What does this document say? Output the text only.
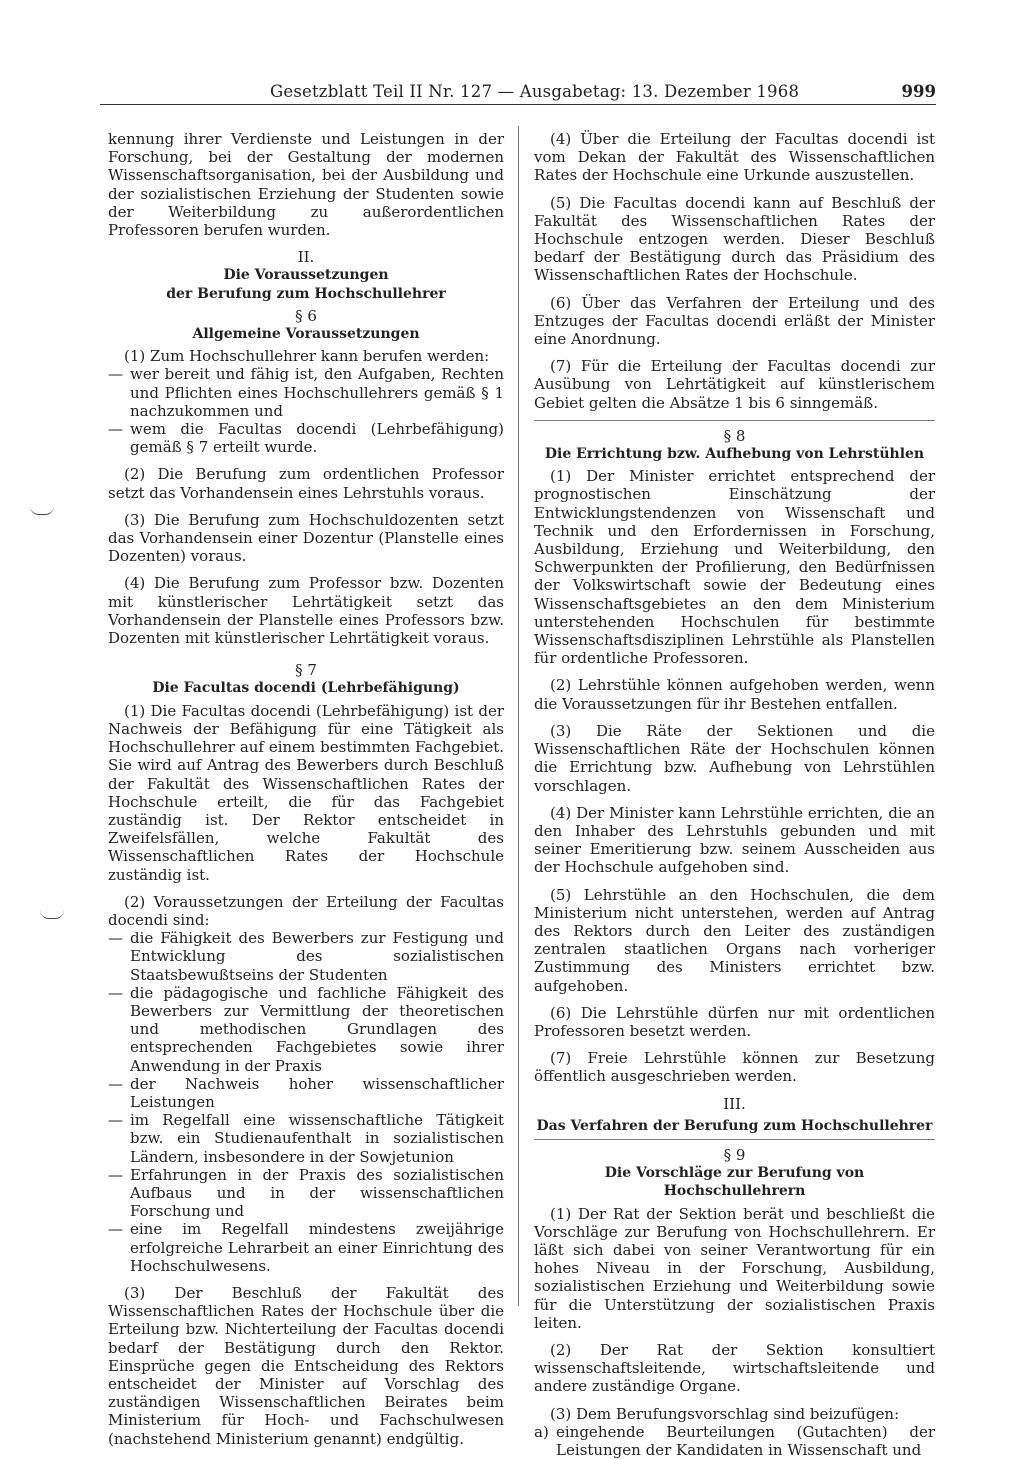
Gesetzblatt Teil II Nr. 127 — Ausgabetag: 13. Dezember 1968	999

kennung ihrer Verdienste und Leistungen in der Forschung, bei der Gestaltung der modernen Wissenschaftsorganisation, bei der Ausbildung und der sozialistischen Erziehung der Studenten sowie der Weiterbildung zu außerordentlichen Professoren berufen wurden.

II.
Die Voraussetzungen
der Berufung zum Hochschullehrer
§ 6
Allgemeine Voraussetzungen

(1) Zum Hochschullehrer kann berufen werden:

— wer bereit und fähig ist, den Aufgaben, Rechten und Pflichten eines Hochschullehrers gemäß § 1 nachzukommen und
— wem die Facultas docendi (Lehrbefähigung) gemäß § 7 erteilt wurde.

(2) Die Berufung zum ordentlichen Professor setzt das Vorhandensein eines Lehrstuhls voraus.

(3) Die Berufung zum Hochschuldozenten setzt das Vorhandensein einer Dozentur (Planstelle eines Dozenten) voraus.

(4) Die Berufung zum Professor bzw. Dozenten mit künstlerischer Lehrtätigkeit setzt das Vorhandensein der Planstelle eines Professors bzw. Dozenten mit künstlerischer Lehrtätigkeit voraus.

§ 7
Die Facultas docendi (Lehrbefähigung)

(1) Die Facultas docendi (Lehrbefähigung) ist der Nachweis der Befähigung für eine Tätigkeit als Hochschullehrer auf einem bestimmten Fachgebiet. Sie wird auf Antrag des Bewerbers durch Beschluß der Fakultät des Wissenschaftlichen Rates der Hochschule erteilt, die für das Fachgebiet zuständig ist. Der Rektor entscheidet in Zweifelsfällen, welche Fakultät des Wissenschaftlichen Rates der Hochschule zuständig ist.

(2) Voraussetzungen der Erteilung der Facultas docendi sind:

— die Fähigkeit des Bewerbers zur Festigung und Entwicklung des sozialistischen Staatsbewußtseins der Studenten
— die pädagogische und fachliche Fähigkeit des Bewerbers zur Vermittlung der theoretischen und methodischen Grundlagen des entsprechenden Fachgebietes sowie ihrer Anwendung in der Praxis
— der Nachweis hoher wissenschaftlicher Leistungen
— im Regelfall eine wissenschaftliche Tätigkeit bzw. ein Studienaufenthalt in sozialistischen Ländern, insbesondere in der Sowjetunion
— Erfahrungen in der Praxis des sozialistischen Aufbaus und in der wissenschaftlichen Forschung und
— eine im Regelfall mindestens zweijährige erfolgreiche Lehrarbeit an einer Einrichtung des Hochschulwesens.

(3) Der Beschluß der Fakultät des Wissenschaftlichen Rates der Hochschule über die Erteilung bzw. Nichterteilung der Facultas docendi bedarf der Bestätigung durch den Rektor. Einsprüche gegen die Entscheidung des Rektors entscheidet der Minister auf Vorschlag des zuständigen Wissenschaftlichen Beirates beim Ministerium für Hoch- und Fachschulwesen (nachstehend Ministerium genannt) endgültig.

(4) Über die Erteilung der Facultas docendi ist vom Dekan der Fakultät des Wissenschaftlichen Rates der Hochschule eine Urkunde auszustellen.

(5) Die Facultas docendi kann auf Beschluß der Fakultät des Wissenschaftlichen Rates der Hochschule entzogen werden. Dieser Beschluß bedarf der Bestätigung durch das Präsidium des Wissenschaftlichen Rates der Hochschule.

(6) Über das Verfahren der Erteilung und des Entzuges der Facultas docendi erläßt der Minister eine Anordnung.

(7) Für die Erteilung der Facultas docendi zur Ausübung von Lehrtätigkeit auf künstlerischem Gebiet gelten die Absätze 1 bis 6 sinngemäß.

§ 8
Die Errichtung bzw. Aufhebung von Lehrstühlen

(1) Der Minister errichtet entsprechend der prognostischen Einschätzung der Entwicklungstendenzen von Wissenschaft und Technik und den Erfordernissen in Forschung, Ausbildung, Erziehung und Weiterbildung, den Schwerpunkten der Profilierung, den Bedürfnissen der Volkswirtschaft sowie der Bedeutung eines Wissenschaftsgebietes an den dem Ministerium unterstehenden Hochschulen für bestimmte Wissenschaftsdisziplinen Lehrstühle als Planstellen für ordentliche Professoren.

(2) Lehrstühle können aufgehoben werden, wenn die Voraussetzungen für ihr Bestehen entfallen.

(3) Die Räte der Sektionen und die Wissenschaftlichen Räte der Hochschulen können die Errichtung bzw. Aufhebung von Lehrstühlen vorschlagen.

(4) Der Minister kann Lehrstühle errichten, die an den Inhaber des Lehrstuhls gebunden und mit seiner Emeritierung bzw. seinem Ausscheiden aus der Hochschule aufgehoben sind.

(5) Lehrstühle an den Hochschulen, die dem Ministerium nicht unterstehen, werden auf Antrag des Rektors durch den Leiter des zuständigen zentralen staatlichen Organs nach vorheriger Zustimmung des Ministers errichtet bzw. aufgehoben.

(6) Die Lehrstühle dürfen nur mit ordentlichen Professoren besetzt werden.

(7) Freie Lehrstühle können zur Besetzung öffentlich ausgeschrieben werden.

III.
Das Verfahren der Berufung zum Hochschullehrer
§ 9
Die Vorschläge zur Berufung von Hochschullehrern

(1) Der Rat der Sektion berät und beschließt die Vorschläge zur Berufung von Hochschullehrern. Er läßt sich dabei von seiner Verantwortung für ein hohes Niveau in der Forschung, Ausbildung, sozialistischen Erziehung und Weiterbildung sowie für die Unterstützung der sozialistischen Praxis leiten.

(2) Der Rat der Sektion konsultiert wissenschaftsleitende, wirtschaftsleitende und andere zuständige Organe.

(3) Dem Berufungsvorschlag sind beizufügen:

a) eingehende Beurteilungen (Gutachten) der Leistungen der Kandidaten in Wissenschaft und
